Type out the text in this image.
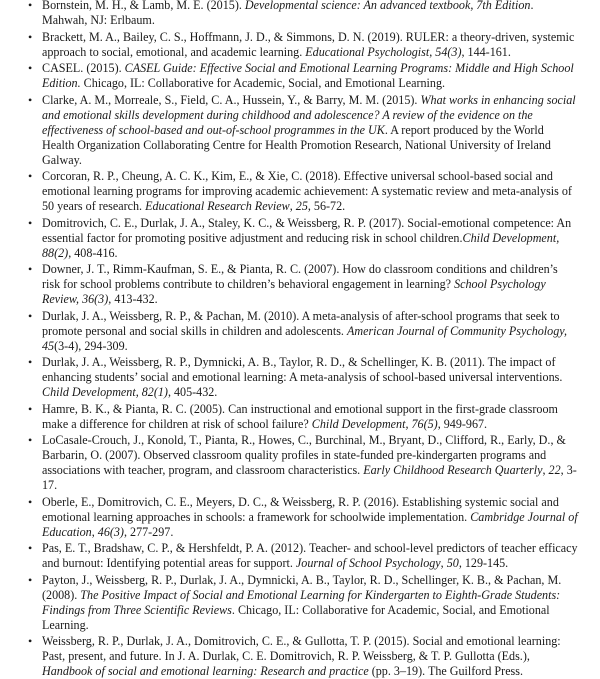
• Bornstein, M. H., & Lamb, M. E. (2015). Developmental science: An advanced textbook, 7th Edition. Mahwah, NJ: Erlbaum.
• Brackett, M. A., Bailey, C. S., Hoffmann, J. D., & Simmons, D. N. (2019). RULER: a theory-driven, systemic approach to social, emotional, and academic learning. Educational Psychologist, 54(3), 144-161.
• CASEL. (2015). CASEL Guide: Effective Social and Emotional Learning Programs: Middle and High School Edition. Chicago, IL: Collaborative for Academic, Social, and Emotional Learning.
• Clarke, A. M., Morreale, S., Field, C. A., Hussein, Y., & Barry, M. M. (2015). What works in enhancing social and emotional skills development during childhood and adolescence? A review of the evidence on the effectiveness of school-based and out-of-school programmes in the UK. A report produced by the World Health Organization Collaborating Centre for Health Promotion Research, National University of Ireland Galway.
• Corcoran, R. P., Cheung, A. C. K., Kim, E., & Xie, C. (2018). Effective universal school-based social and emotional learning programs for improving academic achievement: A systematic review and meta-analysis of 50 years of research. Educational Research Review, 25, 56-72.
• Domitrovich, C. E., Durlak, J. A., Staley, K. C., & Weissberg, R. P. (2017). Social-emotional competence: An essential factor for promoting positive adjustment and reducing risk in school children.Child Development, 88(2), 408-416.
• Downer, J. T., Rimm-Kaufman, S. E., & Pianta, R. C. (2007). How do classroom conditions and children’s risk for school problems contribute to children’s behavioral engagement in learning? School Psychology Review, 36(3), 413-432.
• Durlak, J. A., Weissberg, R. P., & Pachan, M. (2010). A meta-analysis of after-school programs that seek to promote personal and social skills in children and adolescents. American Journal of Community Psychology, 45(3-4), 294-309.
• Durlak, J. A., Weissberg, R. P., Dymnicki, A. B., Taylor, R. D., & Schellinger, K. B. (2011). The impact of enhancing students’ social and emotional learning: A meta-analysis of school-based universal interventions. Child Development, 82(1), 405-432.
• Hamre, B. K., & Pianta, R. C. (2005). Can instructional and emotional support in the first-grade classroom make a difference for children at risk of school failure? Child Development, 76(5), 949-967.
• LoCasale-Crouch, J., Konold, T., Pianta, R., Howes, C., Burchinal, M., Bryant, D., Clifford, R., Early, D., & Barbarin, O. (2007). Observed classroom quality profiles in state-funded pre-kindergarten programs and associations with teacher, program, and classroom characteristics. Early Childhood Research Quarterly, 22, 3-17.
• Oberle, E., Domitrovich, C. E., Meyers, D. C., & Weissberg, R. P. (2016). Establishing systemic social and emotional learning approaches in schools: a framework for schoolwide implementation. Cambridge Journal of Education, 46(3), 277-297.
• Pas, E. T., Bradshaw, C. P., & Hershfeldt, P. A. (2012). Teacher- and school-level predictors of teacher efficacy and burnout: Identifying potential areas for support. Journal of School Psychology, 50, 129-145.
• Payton, J., Weissberg, R. P., Durlak, J. A., Dymnicki, A. B., Taylor, R. D., Schellinger, K. B., & Pachan, M. (2008). The Positive Impact of Social and Emotional Learning for Kindergarten to Eighth-Grade Students: Findings from Three Scientific Reviews. Chicago, IL: Collaborative for Academic, Social, and Emotional Learning.
• Weissberg, R. P., Durlak, J. A., Domitrovich, C. E., & Gullotta, T. P. (2015). Social and emotional learning: Past, present, and future. In J. A. Durlak, C. E. Domitrovich, R. P. Weissberg, & T. P. Gullotta (Eds.), Handbook of social and emotional learning: Research and practice (pp. 3–19). The Guilford Press.
